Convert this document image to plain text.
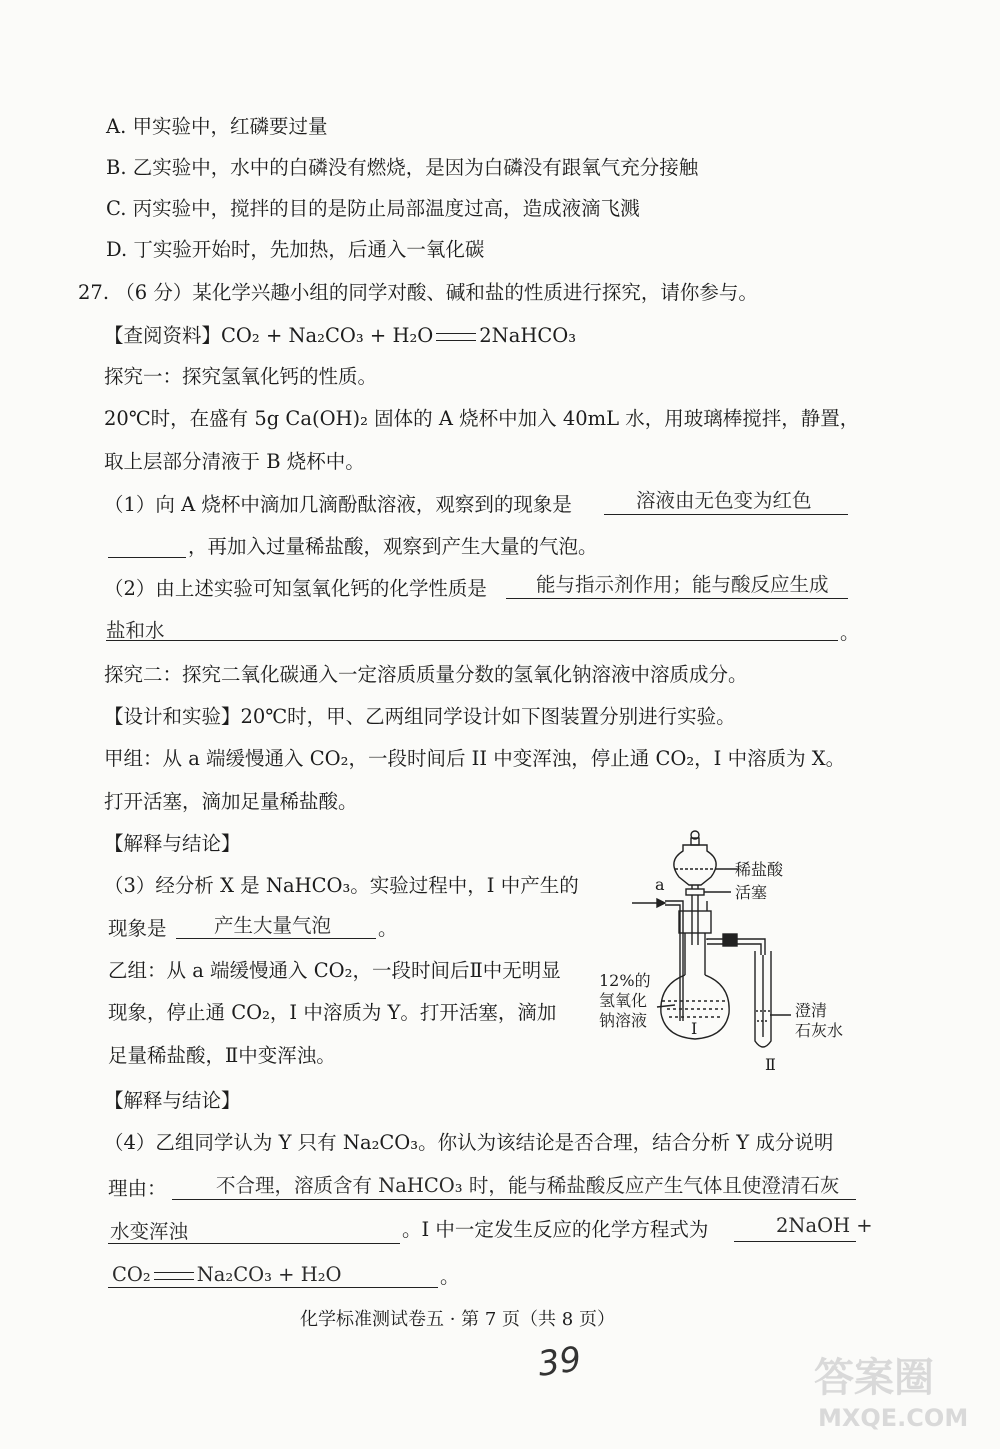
A. 甲实验中，红磷要过量
B. 乙实验中，水中的白磷没有燃烧，是因为白磷没有跟氧气充分接触
C. 丙实验中，搅拌的目的是防止局部温度过高，造成液滴飞溅
D. 丁实验开始时，先加热，后通入一氧化碳
27. （6 分）某化学兴趣小组的同学对酸、碱和盐的性质进行探究，请你参与。
【查阅资料】CO₂ + Na₂CO₃ + H₂O 2NaHCO₃
探究一：探究氢氧化钙的性质。
20℃时，在盛有 5g Ca(OH)₂ 固体的 A 烧杯中加入 40mL 水，用玻璃棒搅拌，静置，
取上层部分清液于 B 烧杯中。
（1）向 A 烧杯中滴加几滴酚酞溶液，观察到的现象是	溶液由无色变为红色
，再加入过量稀盐酸，观察到产生大量的气泡。
（2）由上述实验可知氢氧化钙的化学性质是	能与指示剂作用；能与酸反应生成
盐和水	。
探究二：探究二氧化碳通入一定溶质质量分数的氢氧化钠溶液中溶质成分。
【设计和实验】20℃时，甲、乙两组同学设计如下图装置分别进行实验。
甲组：从 a 端缓慢通入 CO₂，一段时间后 II 中变浑浊，停止通 CO₂，I 中溶质为 X。
打开活塞，滴加足量稀盐酸。
【解释与结论】
（3）经分析 X 是 NaHCO₃。实验过程中，I 中产生的
现象是 产生大量气泡 。
乙组：从 a 端缓慢通入 CO₂，一段时间后Ⅱ中无明显
现象，停止通 CO₂，I 中溶质为 Y。打开活塞，滴加
足量稀盐酸，Ⅱ中变浑浊。
【解释与结论】
（4）乙组同学认为 Y 只有 Na₂CO₃。你认为该结论是否合理，结合分析 Y 成分说明
理由：	不合理，溶质含有 NaHCO₃ 时，能与稀盐酸反应产生气体且使澄清石灰
水变浑浊	。I 中一定发生反应的化学方程式为	2NaOH +
CO₂ Na₂CO₃ + H₂O	。
稀盐酸
活塞
a
12%的
氢氧化
钠溶液
澄清
石灰水
I
Ⅱ
化学标准测试卷五 · 第 7 页（共 8 页）
39	答案圈
MXQE.COM
